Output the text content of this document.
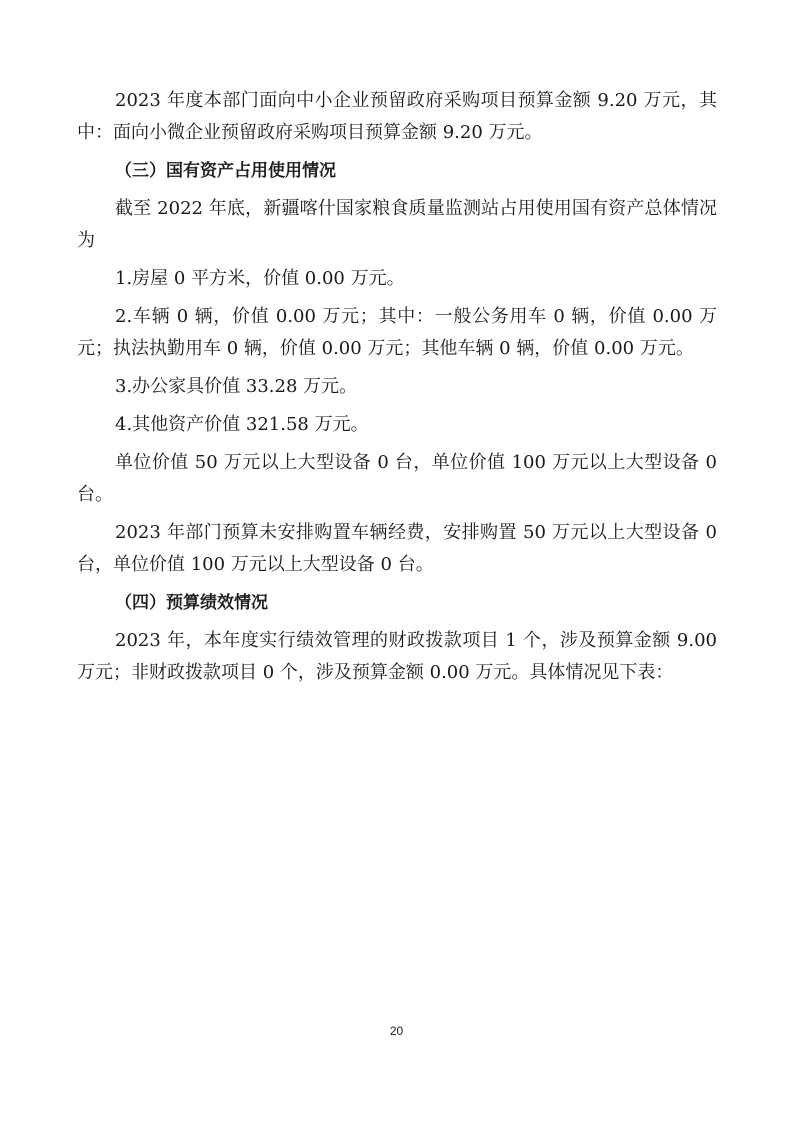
2023 年度本部门面向中小企业预留政府采购项目预算金额 9.20 万元，其中：面向小微企业预留政府采购项目预算金额 9.20 万元。

（三）国有资产占用使用情况

截至 2022 年底，新疆喀什国家粮食质量监测站占用使用国有资产总体情况为

1.房屋 0 平方米，价值 0.00 万元。

2.车辆 0 辆，价值 0.00 万元；其中：一般公务用车 0 辆，价值 0.00 万元；执法执勤用车 0 辆，价值 0.00 万元；其他车辆 0 辆，价值 0.00 万元。

3.办公家具价值 33.28 万元。

4.其他资产价值 321.58 万元。

单位价值 50 万元以上大型设备 0 台，单位价值 100 万元以上大型设备 0 台。

2023 年部门预算未安排购置车辆经费，安排购置 50 万元以上大型设备 0 台，单位价值 100 万元以上大型设备 0 台。

（四）预算绩效情况

2023 年，本年度实行绩效管理的财政拨款项目 1 个，涉及预算金额 9.00 万元；非财政拨款项目 0 个，涉及预算金额 0.00 万元。具体情况见下表：

20
